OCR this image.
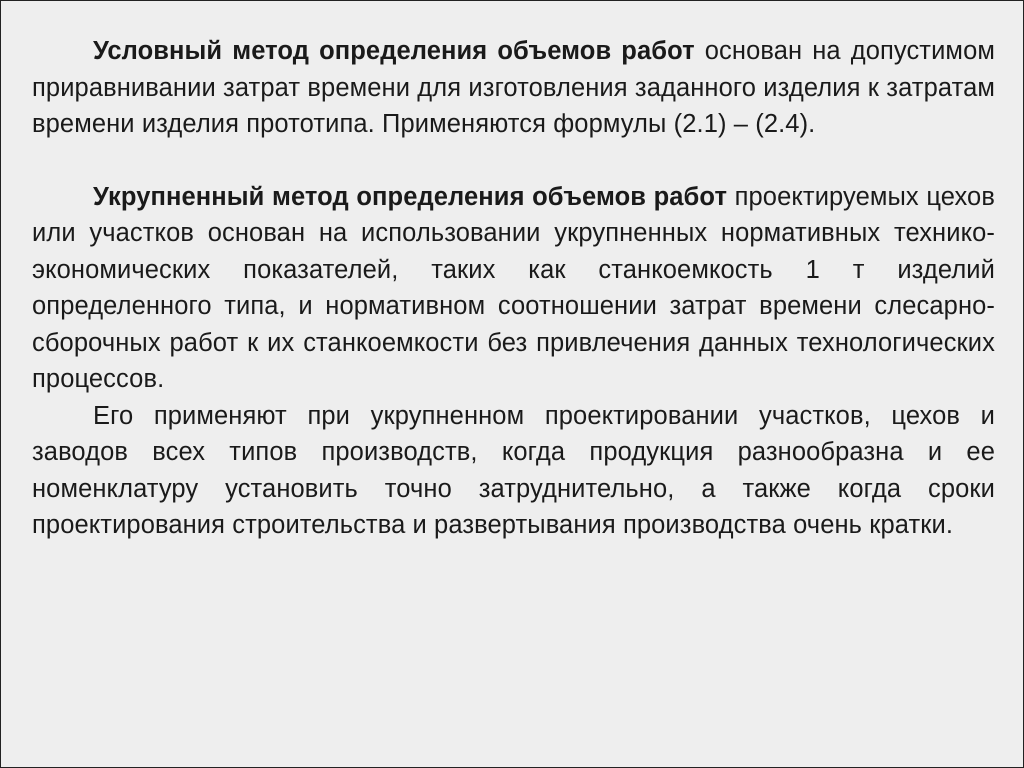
Условный метод определения объемов работ основан на допустимом приравнивании затрат времени для изготовления заданного изделия к затратам времени изделия прототипа. Применяются формулы (2.1) – (2.4).

Укрупненный метод определения объемов работ проектируемых цехов или участков основан на использовании укрупненных нормативных технико-экономических показателей, таких как станкоемкость 1 т изделий определенного типа, и нормативном соотношении затрат времени слесарно-сборочных работ к их станкоемкости без привлечения данных технологических процессов.

Его применяют при укрупненном проектировании участков, цехов и заводов всех типов производств, когда продукция разнообразна и ее номенклатуру установить точно затруднительно, а также когда сроки проектирования строительства и развертывания производства очень кратки.
